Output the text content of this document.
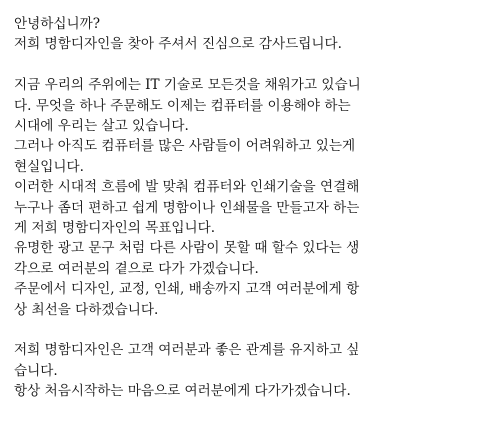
안녕하십니까?
저희 명함디자인을 찾아 주셔서 진심으로 감사드립니다.
지금 우리의 주위에는 IT 기술로 모든것을 채워가고 있습니
다. 무엇을 하나 주문해도 이제는 컴퓨터를 이용해야 하는
시대에 우리는 살고 있습니다.
그러나 아직도 컴퓨터를 많은 사람들이 어려워하고 있는게
현실입니다.
이러한 시대적 흐름에 발 맞춰 컴퓨터와 인쇄기술을 연결해
누구나 좀더 편하고 쉽게 명함이나 인쇄물을 만들고자 하는
게 저희 명함디자인의 목표입니다.
유명한 광고 문구 처럼 다른 사람이 못할 때 할수 있다는 생
각으로 여러분의 곁으로 다가 가겠습니다.
주문에서 디자인, 교정, 인쇄, 배송까지 고객 여러분에게 항
상 최선을 다하겠습니다.
저희 명함디자인은 고객 여러분과 좋은 관계를 유지하고 싶
습니다.
항상 처음시작하는 마음으로 여러분에게 다가가겠습니다.
